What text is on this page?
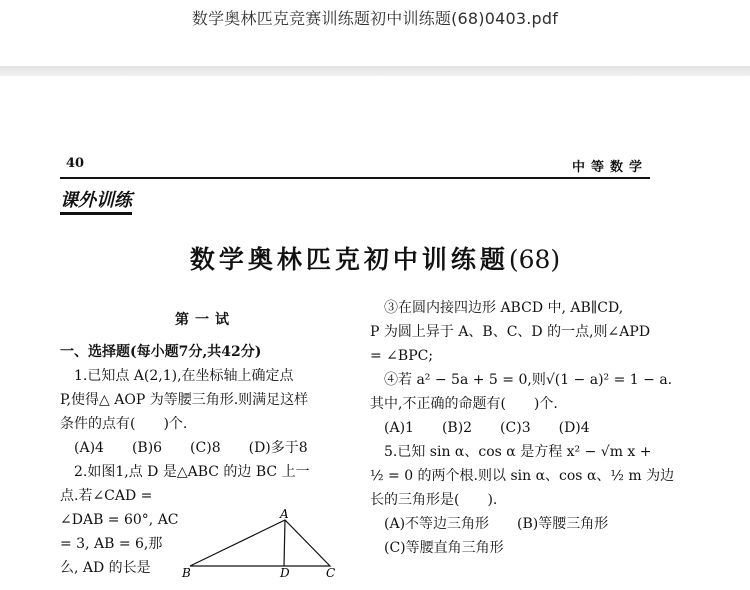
数学奥林匹克竞赛训练题初中训练题(68)0403.pdf
40	中等数学
课外训练
数学奥林匹克初中训练题(68)
第一试
一、选择题(每小题7分,共42分)
　1.已知点 A(2,1),在坐标轴上确定点
P,使得△ AOP 为等腰三角形.则满足这样
条件的点有(　　)个.
　(A)4　　(B)6　　(C)8　　(D)多于8
　2.如图1,点 D 是△ABC 的边 BC 上一
点.若∠CAD =
∠DAB = 60°, AC
= 3, AB = 6,那
么, AD 的长是
A
B	D	C
　③在圆内接四边形 ABCD 中, AB∥CD,
P 为圆上异于 A、B、C、D 的一点,则∠APD
= ∠BPC;
　④若 a² − 5a + 5 = 0,则√(1 − a)² = 1 − a.
其中,不正确的命题有(　　)个.
　(A)1　　(B)2　　(C)3　　(D)4
　5.已知 sin α、cos α 是方程 x² − √m x +
½ = 0 的两个根.则以 sin α、cos α、½ m 为边
长的三角形是(　　).
　(A)不等边三角形　　(B)等腰三角形
　(C)等腰直角三角形
